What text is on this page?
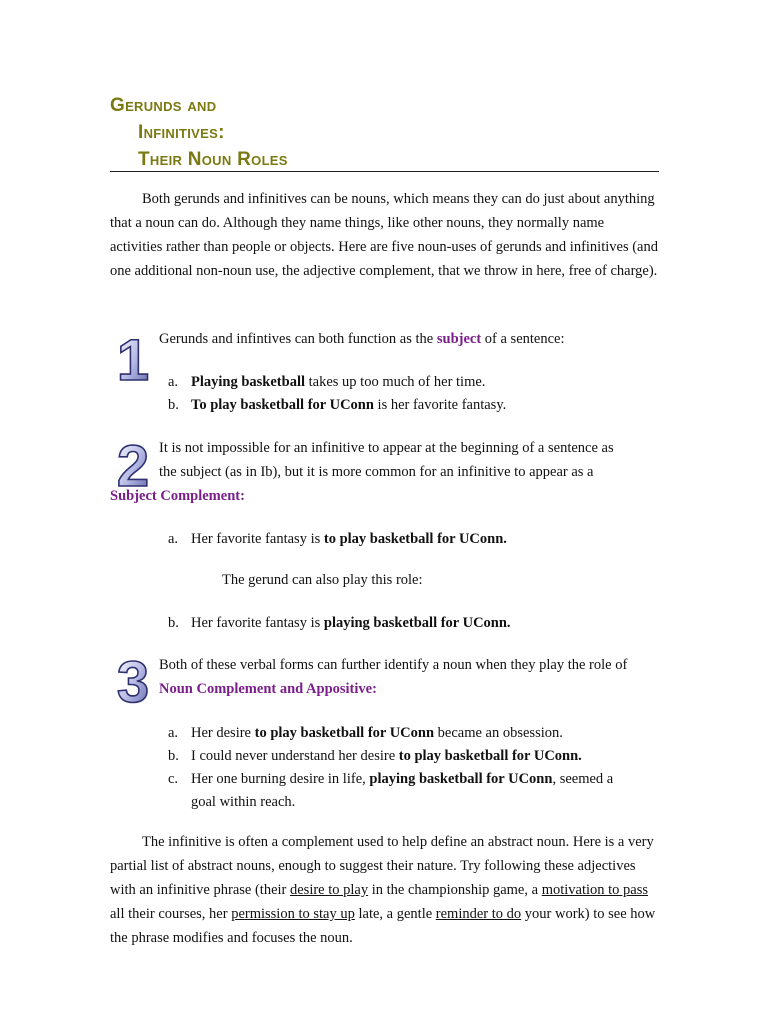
Gerunds and
Infinitives:
Their Noun Roles

Both gerunds and infinitives can be nouns, which means they can do just about anything that a noun can do. Although they name things, like other nouns, they normally name activities rather than people or objects. Here are five noun-uses of gerunds and infinitives (and one additional non-noun use, the adjective complement, that we throw in here, free of charge).

1 Gerunds and infintives can both function as the subject of a sentence:
a. Playing basketball takes up too much of her time.
b. To play basketball for UConn is her favorite fantasy.
2 It is not impossible for an infinitive to appear at the beginning of a sentence as
the subject (as in Ib), but it is more common for an infinitive to appear as a
Subject Complement:
a. Her favorite fantasy is to play basketball for UConn.
The gerund can also play this role:
b. Her favorite fantasy is playing basketball for UConn.
3 Both of these verbal forms can further identify a noun when they play the role of
Noun Complement and Appositive:
a. Her desire to play basketball for UConn became an obsession.
b. I could never understand her desire to play basketball for UConn.
c. Her one burning desire in life, playing basketball for UConn, seemed a
goal within reach.

The infinitive is often a complement used to help define an abstract noun. Here is a very partial list of abstract nouns, enough to suggest their nature. Try following these adjectives with an infinitive phrase (their desire to play in the championship game, a motivation to pass all their courses, her permission to stay up late, a gentle reminder to do your work) to see how the phrase modifies and focuses the noun.
